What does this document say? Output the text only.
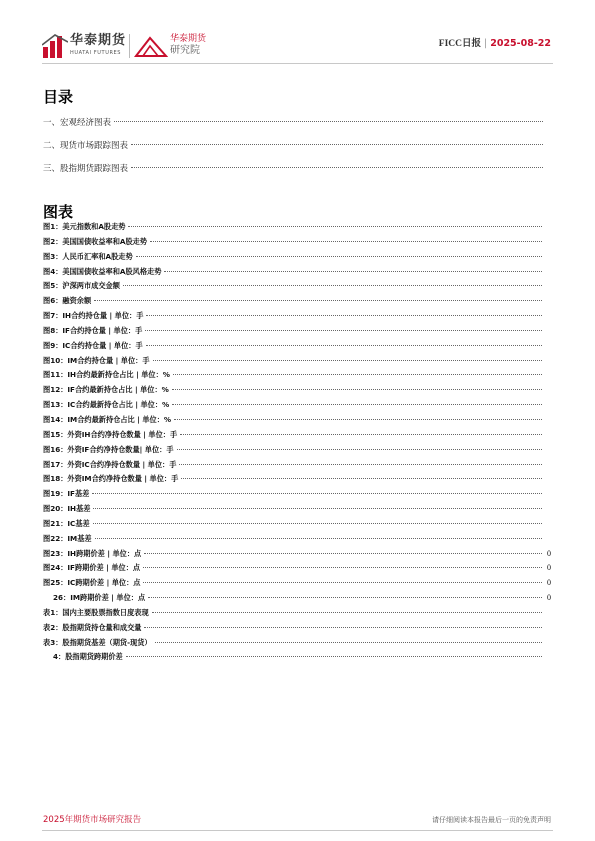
华泰期货
HUATAI FUTURES
华泰期货
研究院
FICC日报 | 2025-08-22
目录
一、宏观经济图表
二、现货市场跟踪图表
三、股指期货跟踪图表
图表
图1：美元指数和A股走势
图2：美国国债收益率和A股走势
图3：人民币汇率和A股走势
图4：美国国债收益率和A股风格走势
图5：沪深两市成交金额
图6：融资余额
图7：IH合约持仓量 | 单位：手
图8：IF合约持仓量 | 单位：手
图9：IC合约持仓量 | 单位：手
图10：IM合约持仓量 | 单位：手
图11：IH合约最新持仓占比 | 单位：%
图12：IF合约最新持仓占比 | 单位：%
图13：IC合约最新持仓占比 | 单位：%
图14：IM合约最新持仓占比 | 单位：%
图15：外资IH合约净持仓数量 | 单位：手
图16：外资IF合约净持仓数量| 单位：手
图17：外资IC合约净持仓数量 | 单位：手
图18：外资IM合约净持仓数量 | 单位：手
图19：IF基差
图20：IH基差
图21：IC基差
图22：IM基差
图23：IH跨期价差 | 单位：点	0
图24：IF跨期价差 | 单位：点	0
图25：IC跨期价差 | 单位：点	0
26：IM跨期价差 | 单位：点	0
表1：国内主要股票指数日度表现
表2：股指期货持仓量和成交量
表3：股指期货基差（期货-现货）
4：股指期货跨期价差
2025年期货市场研究报告	请仔细阅读本报告最后一页的免责声明
